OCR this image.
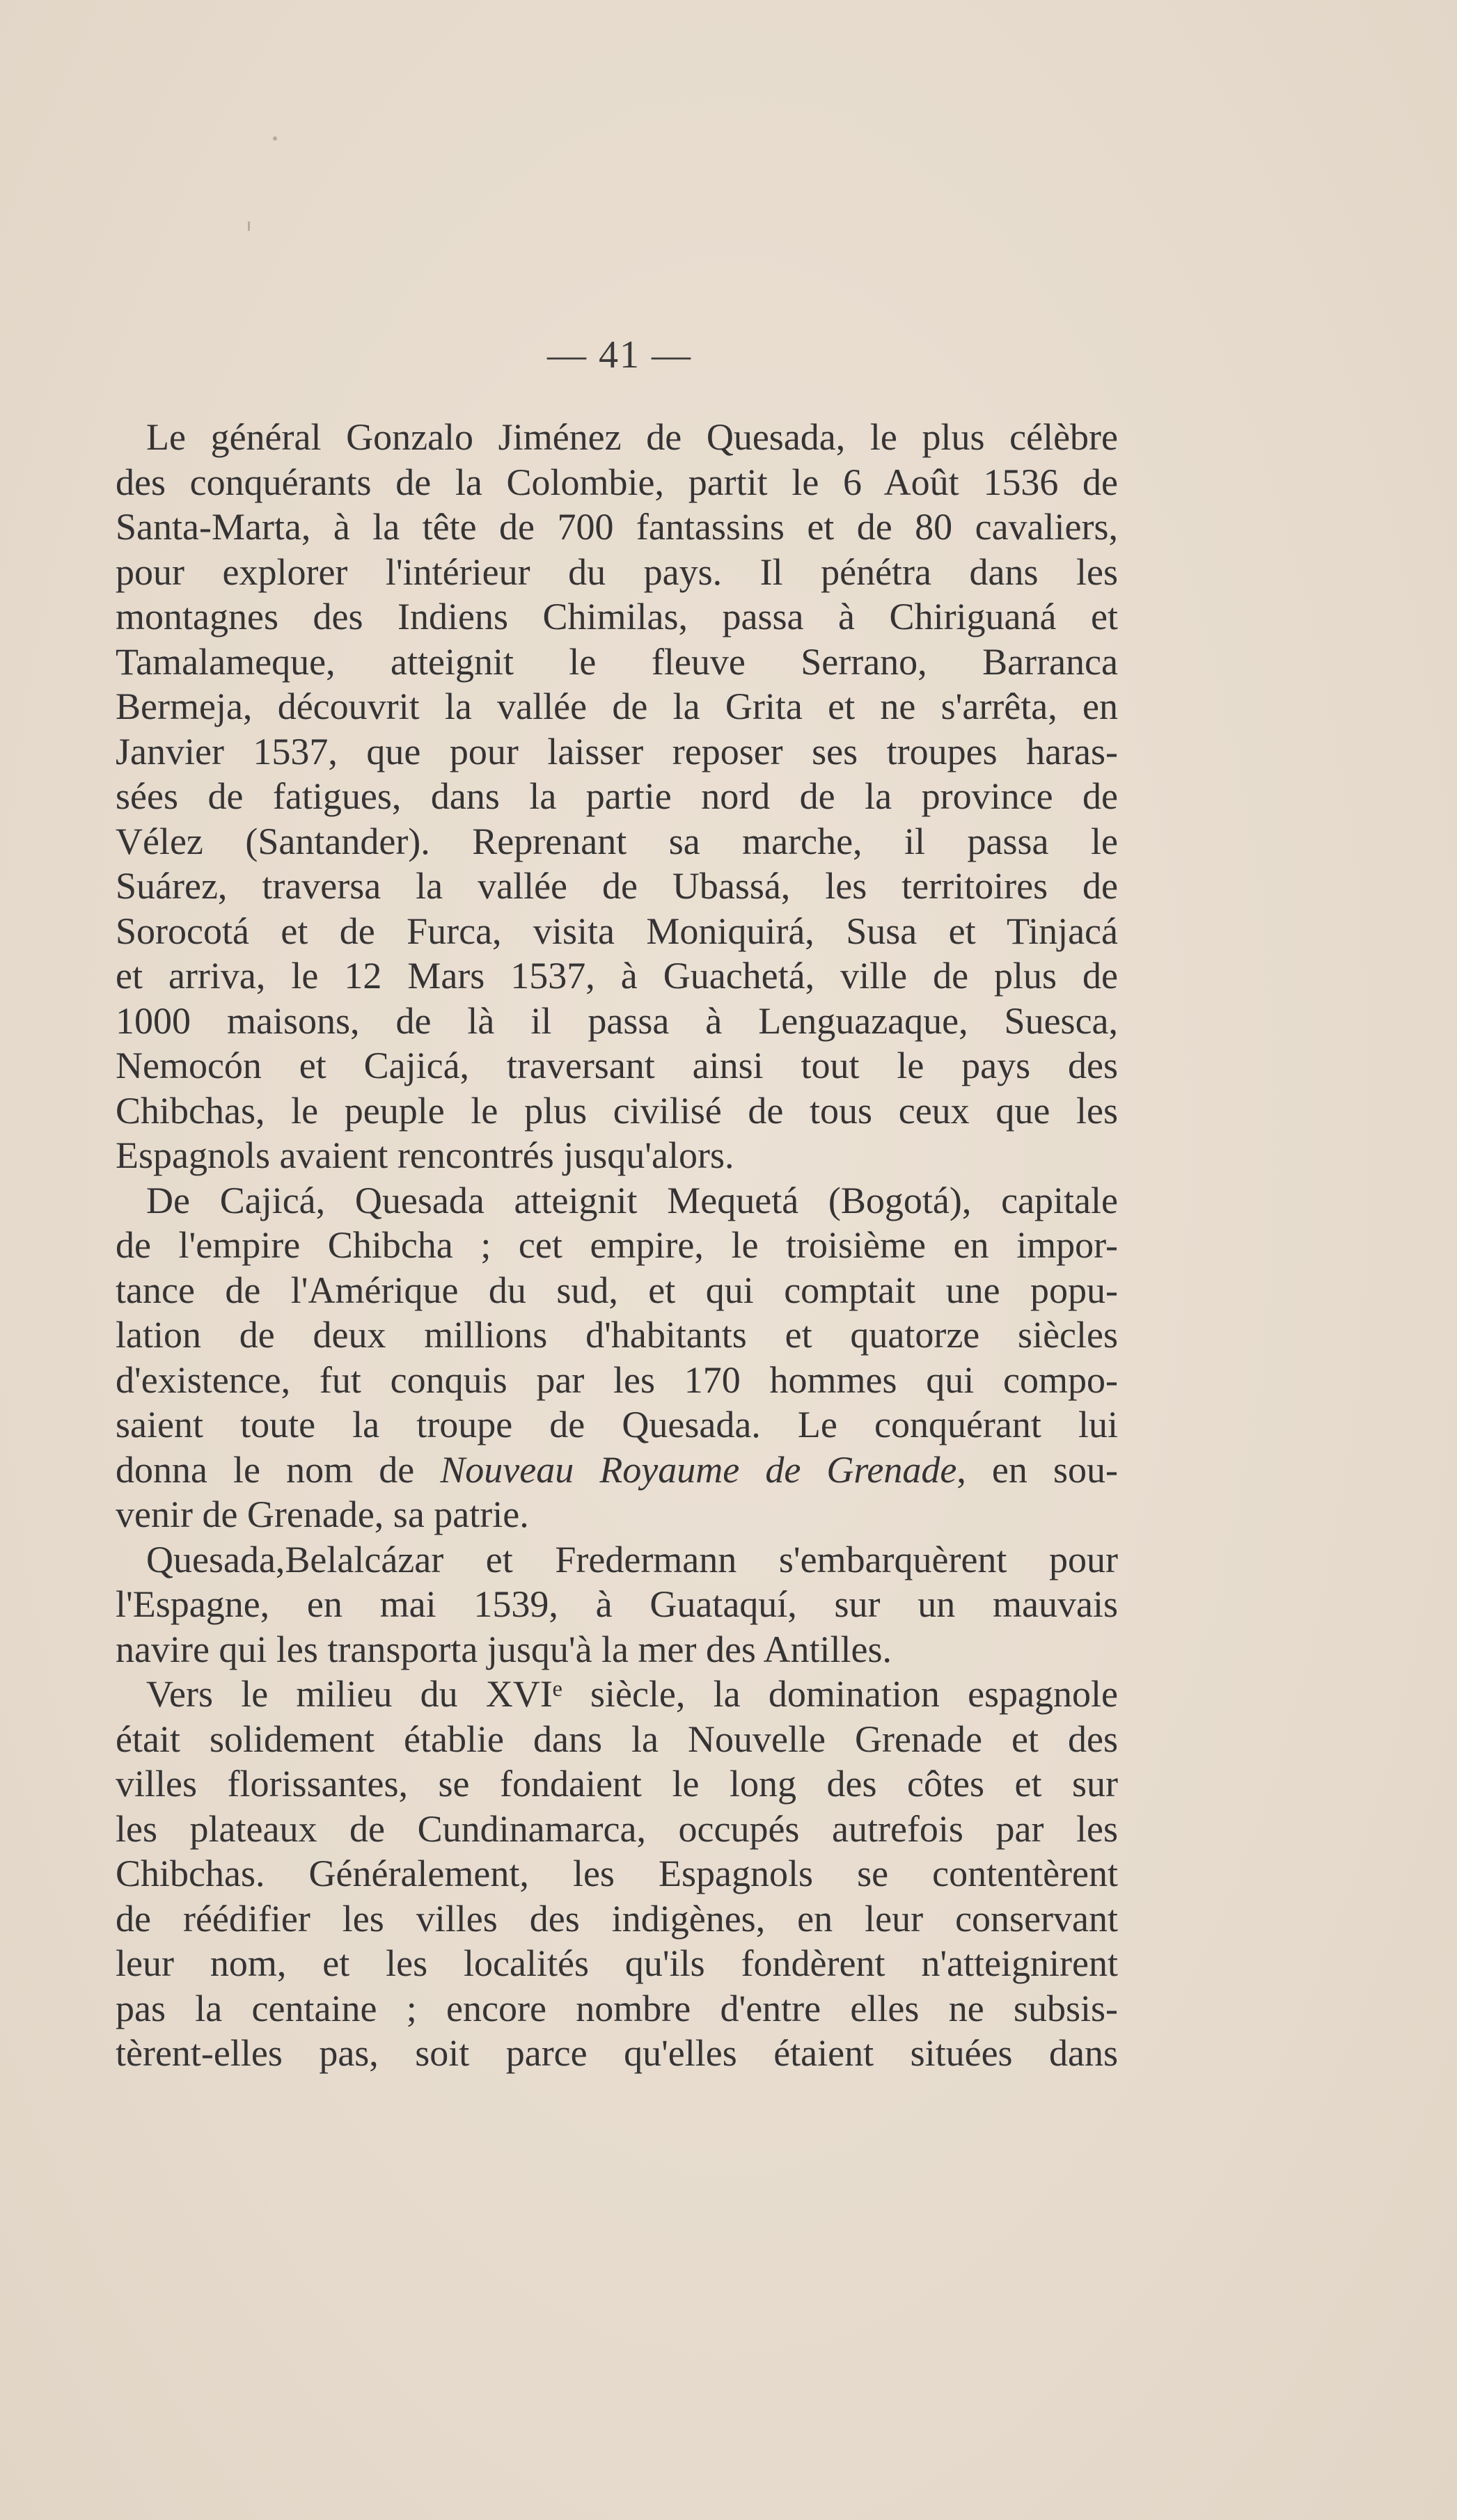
— 41 —
Le général Gonzalo Jiménez de Quesada, le plus célèbre
des conquérants de la Colombie, partit le 6 Août 1536 de
Santa-Marta, à la tête de 700 fantassins et de 80 cavaliers,
pour explorer l'intérieur du pays. Il pénétra dans les
montagnes des Indiens Chimilas, passa à Chiriguaná et
Tamalameque, atteignit le fleuve Serrano, Barranca
Bermeja, découvrit la vallée de la Grita et ne s'arrêta, en
Janvier 1537, que pour laisser reposer ses troupes haras-
sées de fatigues, dans la partie nord de la province de
Vélez (Santander). Reprenant sa marche, il passa le
Suárez, traversa la vallée de Ubassá, les territoires de
Sorocotá et de Furca, visita Moniquirá, Susa et Tinjacá
et arriva, le 12 Mars 1537, à Guachetá, ville de plus de
1000 maisons, de là il passa à Lenguazaque, Suesca,
Nemocón et Cajicá, traversant ainsi tout le pays des
Chibchas, le peuple le plus civilisé de tous ceux que les
Espagnols avaient rencontrés jusqu'alors.
De Cajicá, Quesada atteignit Mequetá (Bogotá), capitale
de l'empire Chibcha ; cet empire, le troisième en impor-
tance de l'Amérique du sud, et qui comptait une popu-
lation de deux millions d'habitants et quatorze siècles
d'existence, fut conquis par les 170 hommes qui compo-
saient toute la troupe de Quesada. Le conquérant lui
donna le nom de Nouveau Royaume de Grenade, en sou-
venir de Grenade, sa patrie.
Quesada,Belalcázar et Fredermann s'embarquèrent pour
l'Espagne, en mai 1539, à Guataquí, sur un mauvais
navire qui les transporta jusqu'à la mer des Antilles.
Vers le milieu du XVIᵉ siècle, la domination espagnole
était solidement établie dans la Nouvelle Grenade et des
villes florissantes, se fondaient le long des côtes et sur
les plateaux de Cundinamarca, occupés autrefois par les
Chibchas. Généralement, les Espagnols se contentèrent
de réédifier les villes des indigènes, en leur conservant
leur nom, et les localités qu'ils fondèrent n'atteignirent
pas la centaine ; encore nombre d'entre elles ne subsis-
tèrent-elles pas, soit parce qu'elles étaient situées dans
